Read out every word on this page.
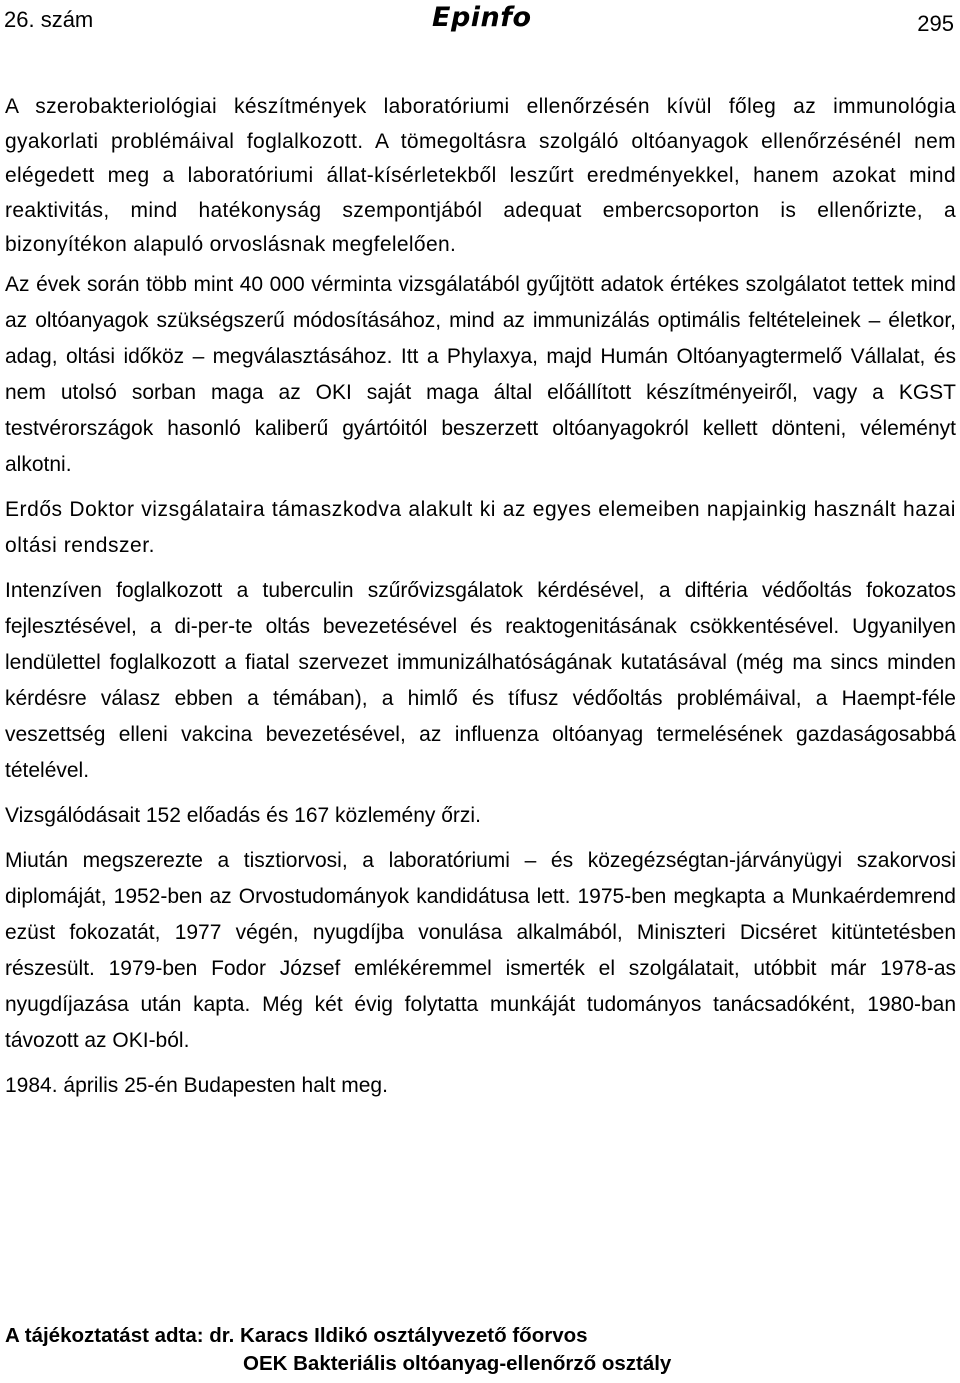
26. szám	Epinfo	295

A szerobakteriológiai készítmények laboratóriumi ellenőrzésén kívül főleg az immunológia gyakorlati problémáival foglalkozott. A tömegoltásra szolgáló oltóanyagok ellenőrzésénél nem elégedett meg a laboratóriumi állat-kísérletekből leszűrt eredményekkel, hanem azokat mind reaktivitás, mind hatékonyság szempontjából adequat embercsoporton is ellenőrizte, a bizonyítékon alapuló orvoslásnak megfelelően.

Az évek során több mint 40 000 vérminta vizsgálatából gyűjtött adatok értékes szolgálatot tettek mind az oltóanyagok szükségszerű módosításához, mind az immunizálás optimális feltételeinek – életkor, adag, oltási időköz – megválasztásához. Itt a Phylaxya, majd Humán Oltóanyagtermelő Vállalat, és nem utolsó sorban maga az OKI saját maga által előállított készítményeiről, vagy a KGST testvérországok hasonló kaliberű gyártóitól beszerzett oltóanyagokról kellett dönteni, véleményt alkotni.

Erdős Doktor vizsgálataira támaszkodva alakult ki az egyes elemeiben napjainkig használt hazai oltási rendszer.

Intenzíven foglalkozott a tuberculin szűrővizsgálatok kérdésével, a diftéria védőoltás fokozatos fejlesztésével, a di-per-te oltás bevezetésével és reaktogenitásának csökkentésével. Ugyanilyen lendülettel foglalkozott a fiatal szervezet immunizálhatóságának kutatásával (még ma sincs minden kérdésre válasz ebben a témában), a himlő és tífusz védőoltás problémáival, a Haempt-féle veszettség elleni vakcina bevezetésével, az influenza oltóanyag termelésének gazdaságosabbá tételével.

Vizsgálódásait 152 előadás és 167 közlemény őrzi.

Miután megszerezte a tisztiorvosi, a laboratóriumi – és közegézségtan-járványügyi szakorvosi diplomáját, 1952-ben az Orvostudományok kandidátusa lett. 1975-ben megkapta a Munkaérdemrend ezüst fokozatát, 1977 végén, nyugdíjba vonulása alkalmából, Miniszteri Dicséret kitüntetésben részesült. 1979-ben Fodor József emlékéremmel ismerték el szolgálatait, utóbbit már 1978-as nyugdíjazása után kapta. Még két évig folytatta munkáját tudományos tanácsadóként, 1980-ban távozott az OKI-ból.

1984. április 25-én Budapesten halt meg.

A tájékoztatást adta: dr. Karacs Ildikó osztályvezető főorvos
OEK Bakteriális oltóanyag-ellenőrző osztály
